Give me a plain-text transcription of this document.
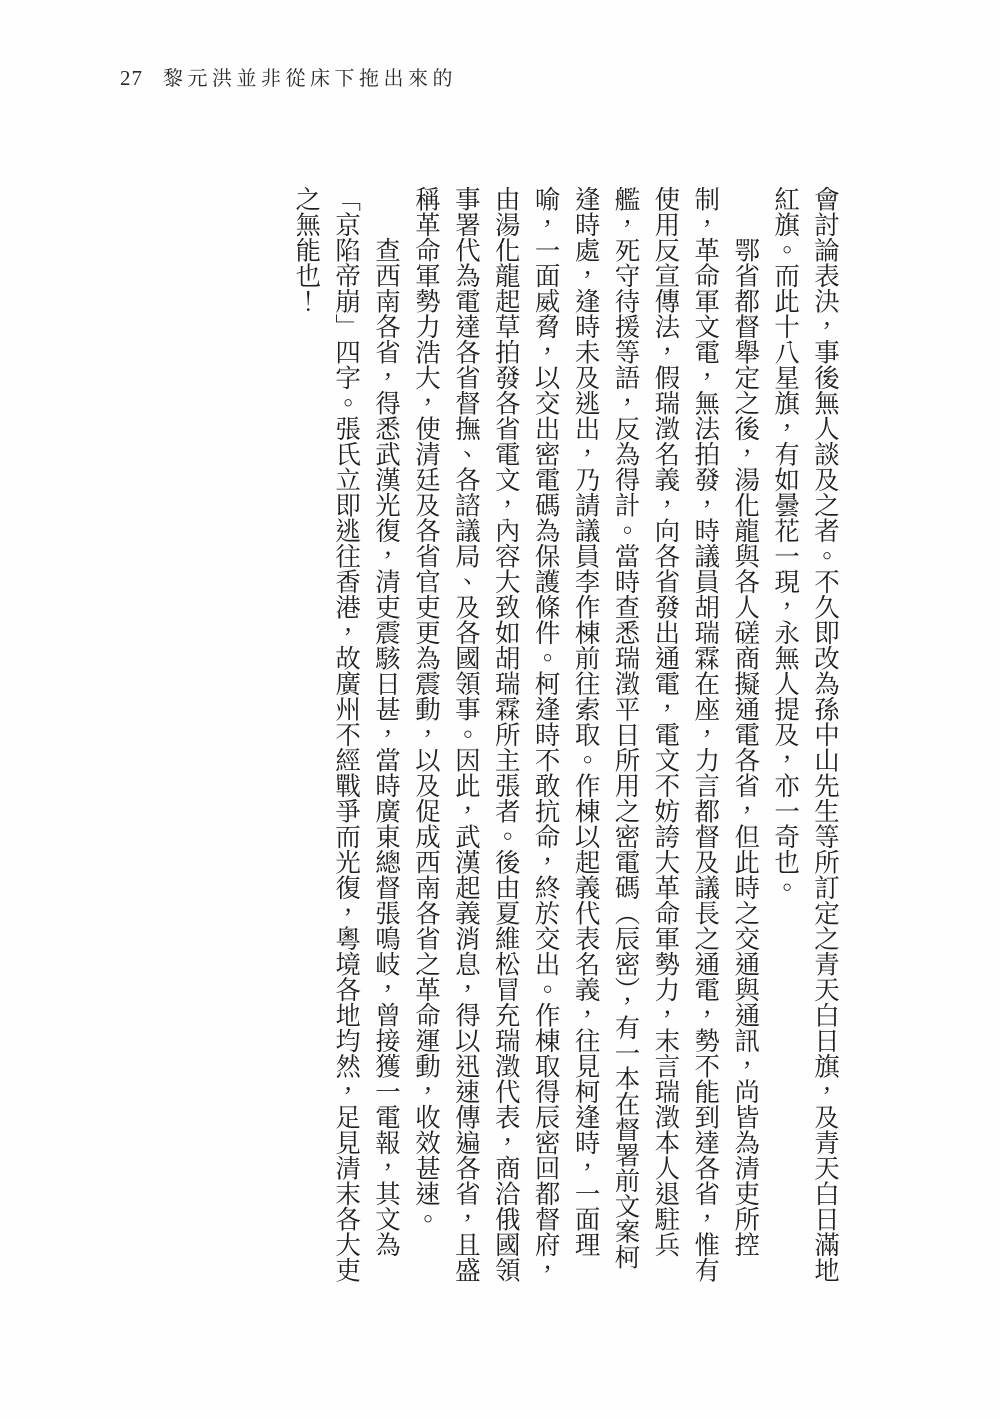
27 黎元洪並非從床下拖出來的

會討論表決，事後無人談及之者。不久即改為孫中山先生等所訂定之青天白日旗，及青天白日滿地紅旗。而此十八星旗，有如曇花一現，永無人提及，亦一奇也。

鄂省都督舉定之後，湯化龍與各人磋商擬通電各省，但此時之交通與通訊，尚皆為清吏所控制，革命軍文電，無法拍發，時議員胡瑞霖在座，力言都督及議長之通電，勢不能到達各省，惟有使用反宣傳法，假瑞澂名義，向各省發出通電，電文不妨誇大革命軍勢力，末言瑞澂本人退駐兵艦，死守待援等語，反為得計。當時查悉瑞澂平日所用之密電碼（辰密），有一本在督署前文案柯逢時處，逢時未及逃出，乃請議員李作棟前往索取。作棟以起義代表名義，往見柯逢時，一面理喻，一面威脅，以交出密電碼為保護條件。柯逢時不敢抗命，終於交出。作棟取得辰密回都督府，由湯化龍起草拍發各省電文，內容大致如胡瑞霖所主張者。後由夏維松冒充瑞澂代表，商洽俄國領事署代為電達各省督撫、各諮議局、及各國領事。因此，武漢起義消息，得以迅速傳遍各省，且盛稱革命軍勢力浩大，使清廷及各省官吏更為震動，以及促成西南各省之革命運動，收效甚速。

查西南各省，得悉武漢光復，清吏震駭日甚，當時廣東總督張鳴岐，曾接獲一電報，其文為「京陷帝崩」四字。張氏立即逃往香港，故廣州不經戰爭而光復，粵境各地均然，足見清末各大吏之無能也！
